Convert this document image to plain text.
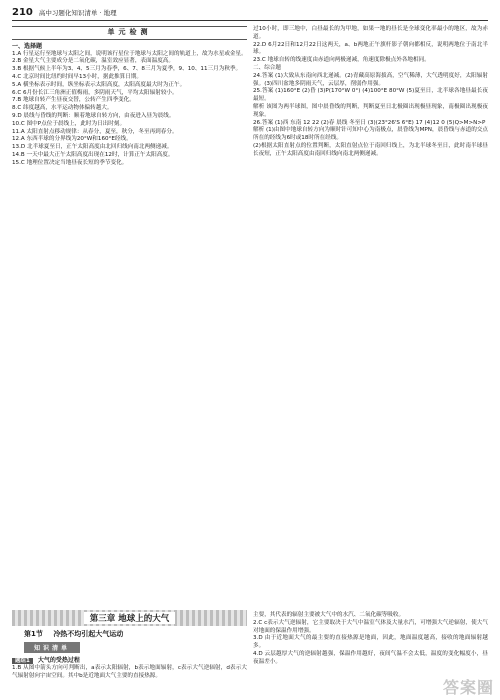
210 高中习题化知识清单 · 地理
单元检测
一、选择题

1.A 行星运行至地球与太阳之间，说明该行星位于地球与太阳之间的轨道上，故为水星或金星。

2.B 金星大气主要成分是二氧化碳，温室效应显著，表面温度高。

3.B 根据气候上半年为3、4、5三月为春季，6、7、8三月为夏季，9、10、11三月为秋季。

4.C 北京时间比纽约时间早13小时，据此推算日期。

5.A 横坐标表示时间，纵坐标表示太阳高度，太阳高度最大时为正午。

6.C 6月份长江三角洲正值梅雨，多阴雨天气，平均太阳辐射较小。

7.B 地球自转产生昼夜交替，公转产生四季变化。

8.C 纬度越高，水平运动物体偏转越大。

9.D 晨线与昏线的判断：顺着地球自转方向，由夜进入昼为晨线。

10.C 图中P点位于晨线上，此时为日出时刻。

11.A 太阳直射点移动规律：从春分，夏至，秋分，冬至再到春分。

12.A 东西半球的分界线为20°W和160°E经线。

13.D 北半球夏至日，正午太阳高度由北回归线向南北两侧递减。

14.B 一天中最大正午太阳高度出现在12时，计算正午太阳高度。

15.C 地理位置决定当地昼夜长短的季节变化。

过10小时，即三地中，白昼最长的为甲地，如果一地的昼长是全球变化率最小的地区，故为赤道。

22.D 6月22日和12月22日这两天，a、b两地正午旗杆影子朝向都相反，说明两地位于南北半球。

23.C 地球自转的线速度由赤道向两极递减，角速度除极点外各地相同。

二、综合题

24.答案 (1)大致从东南向西北递减。(2)青藏高原海拔高，空气稀薄，大气透明度好，太阳辐射强。(3)四川盆地多阴雨天气，云层厚，削弱作用强。

25.答案 (1)160°E (2)昏 (3)P(170°W 0°) (4)100°E 80°W (5)夏至日，北半球各地昼最长夜最短。

解析 该图为两半球图，图中晨昏线的判断，判断夏至日北极圈出现极昼现象，南极圈出现极夜现象。

26.答案 (1)西 东南 12 22 (2)春 晨线 冬至日 (3)(23°26'S 6°E) 17 (4)12 0 (5)Q>M>N>P

解析 (1)由图中地球自转方向为顺时针可知中心为南极点，晨昏线为MPN，晨昏线与赤道的交点所在的经线为6时或18时所在经线。

(2)根据太阳直射点的位置判断，太阳直射点位于南回归线上，为北半球冬至日，此时南半球昼长夜短，正午太阳高度由南回归线向南北两侧递减。

第三章 地球上的大气
第1节 冷热不均引起大气运动
知识清单
题组1 大气的受热过程

1.B 从图中箭头方向可判断出，a表示太阳辐射，b表示地面辐射，c表示大气逆辐射，d表示大气辐射射向宇宙空间。其中b是近地面大气主要的直接热源。

主要，其代表的辐射主要被大气中的水汽、二氧化碳等吸收。

2.C c表示大气逆辐射，它主要取决于大气中温室气体及大量水汽，可增强大气逆辐射，使大气对地面的保温作用增强。

3.D 由于近地面大气的最主要的直接热源是地面，因此，地面温度越高，接收的地面辐射越多。

4.D 云层越厚大气的逆辐射越强，保温作用越好，夜间气温不会太低，温度的变化幅度小，昼夜温差小。

答案圈
